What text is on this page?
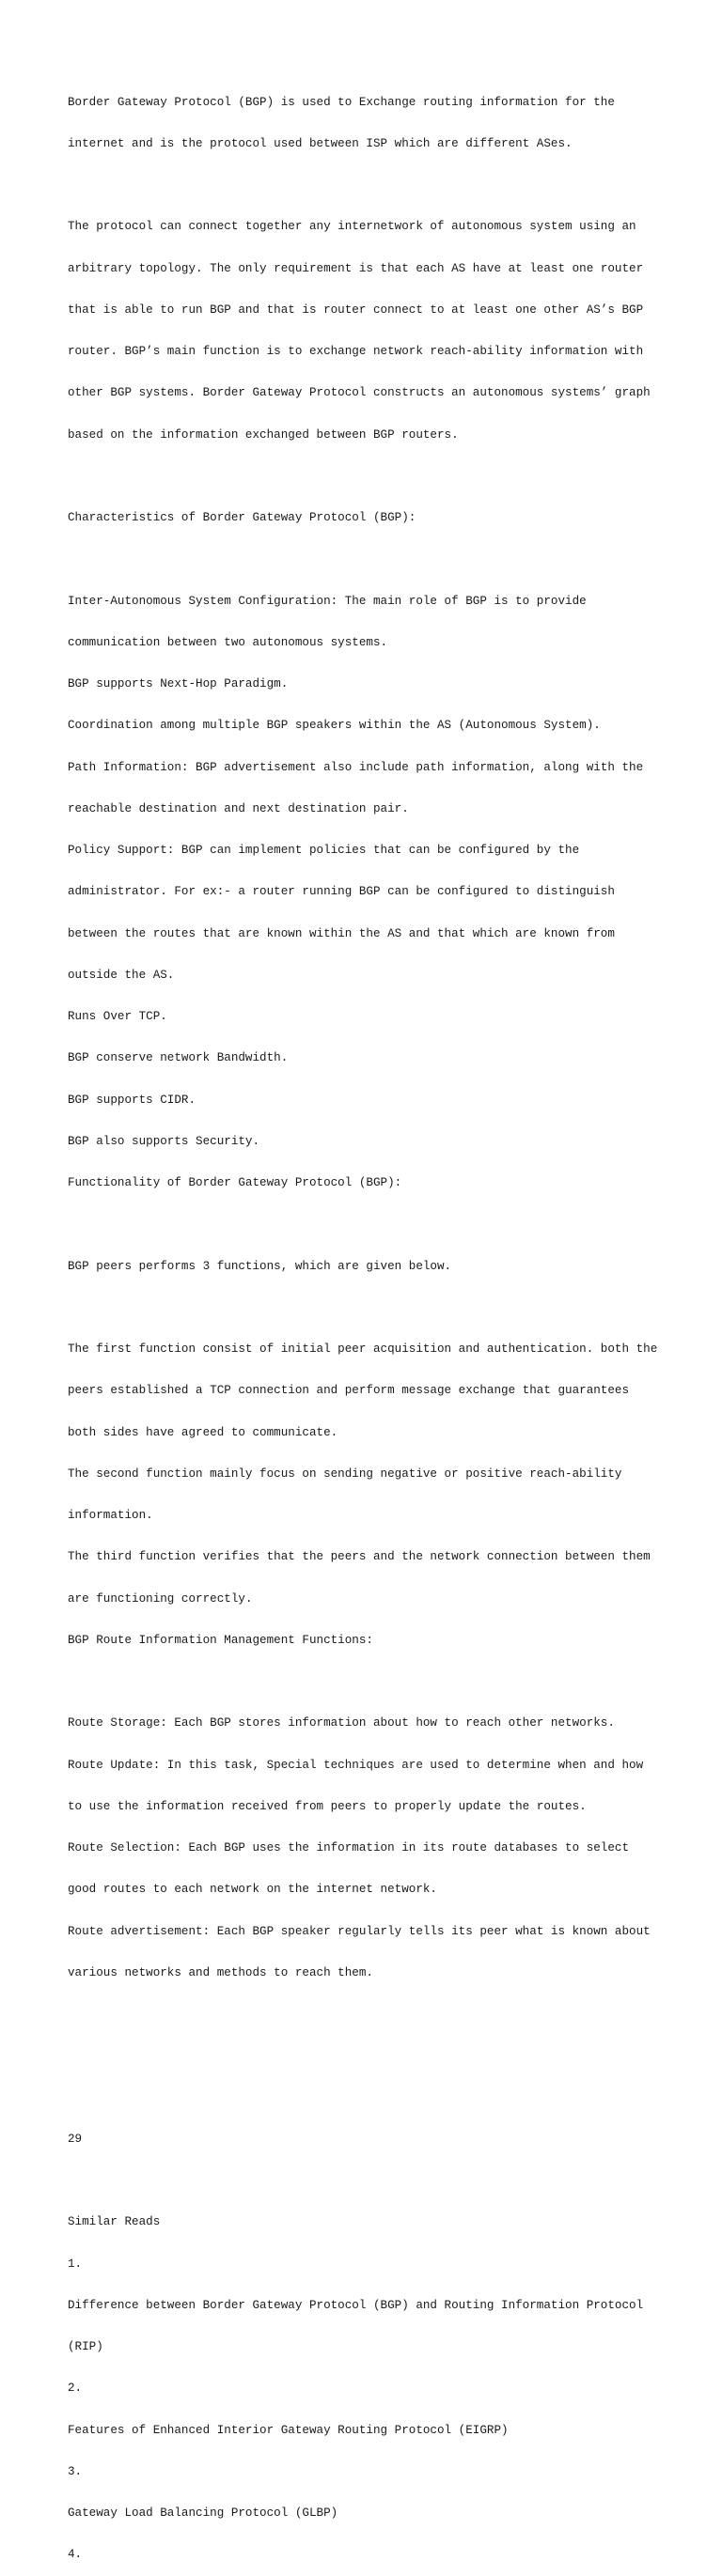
Border Gateway Protocol (BGP) is used to Exchange routing information for the

internet and is the protocol used between ISP which are different ASes.

The protocol can connect together any internetwork of autonomous system using an

arbitrary topology. The only requirement is that each AS have at least one router

that is able to run BGP and that is router connect to at least one other AS’s BGP

router. BGP’s main function is to exchange network reach-ability information with

other BGP systems. Border Gateway Protocol constructs an autonomous systems’ graph

based on the information exchanged between BGP routers.

Characteristics of Border Gateway Protocol (BGP):

Inter-Autonomous System Configuration: The main role of BGP is to provide

communication between two autonomous systems.

BGP supports Next-Hop Paradigm.

Coordination among multiple BGP speakers within the AS (Autonomous System).

Path Information: BGP advertisement also include path information, along with the

reachable destination and next destination pair.

Policy Support: BGP can implement policies that can be configured by the

administrator. For ex:- a router running BGP can be configured to distinguish

between the routes that are known within the AS and that which are known from

outside the AS.

Runs Over TCP.

BGP conserve network Bandwidth.

BGP supports CIDR.

BGP also supports Security.

Functionality of Border Gateway Protocol (BGP):

BGP peers performs 3 functions, which are given below.

The first function consist of initial peer acquisition and authentication. both the

peers established a TCP connection and perform message exchange that guarantees

both sides have agreed to communicate.

The second function mainly focus on sending negative or positive reach-ability

information.

The third function verifies that the peers and the network connection between them

are functioning correctly.

BGP Route Information Management Functions:

Route Storage: Each BGP stores information about how to reach other networks.

Route Update: In this task, Special techniques are used to determine when and how

to use the information received from peers to properly update the routes.

Route Selection: Each BGP uses the information in its route databases to select

good routes to each network on the internet network.

Route advertisement: Each BGP speaker regularly tells its peer what is known about

various networks and methods to reach them.

29

Similar Reads

1.

Difference between Border Gateway Protocol (BGP) and Routing Information Protocol

(RIP)

2.

Features of Enhanced Interior Gateway Routing Protocol (EIGRP)

3.

Gateway Load Balancing Protocol (GLBP)

4.
